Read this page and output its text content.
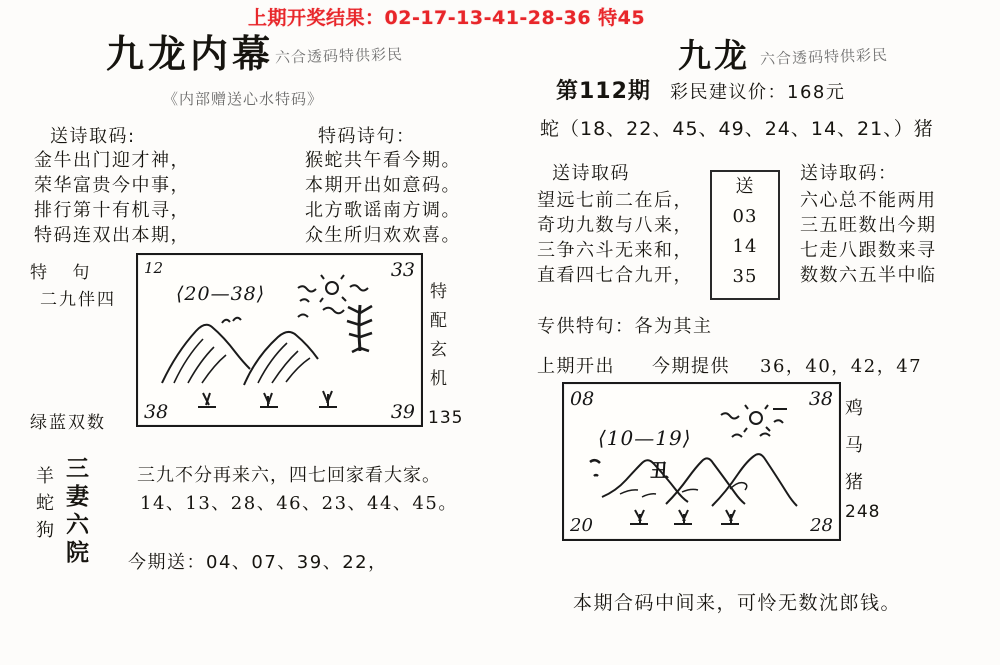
上期开奖结果：02-17-13-41-28-36 特45
九龙内幕 六合透码特供彩民
《内部赠送心水特码》
九龙 六合透码特供彩民
送诗取码:
金牛出门迎才神，
荣华富贵今中事，
排行第十有机寻，
特码连双出本期，
特码诗句：
猴蛇共午看今期。
本期开出如意码。
北方歌谣南方调。
众生所归欢欢喜。
特 句
二九伴四
绿蓝双数
特
配
玄
机
135
12	33
38	39
⟨20—38⟩
三
妻
六
院
羊
蛇
狗
三九不分再来六，四七回家看大家。
14、13、28、46、23、44、45。
今期送：04、07、39、22，
第112期 彩民建议价：168元
蛇（18、22、45、49、24、14、21、）猪
送诗取码
望远七前二在后，
奇功九数与八来，
三争六斗无来和，
直看四七合九开，
送诗取码：
六心总不能两用
三五旺数出今期
七走八跟数来寻
数数六五半中临
送
03
14
35
专供特句：各为其主
上期开出 今期提供 36，40，42，47
08	38
20	28
⟨10—19⟩
丑
鸡
马
猪
248
本期合码中间来，可怜无数沈郎钱。
